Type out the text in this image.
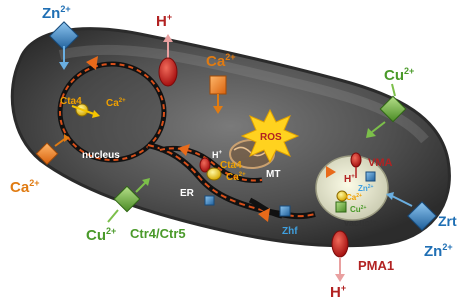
$Zn^{2+}$
H+
$Ca^{2+}$
$Cu^{2+}$
Cta4 $Ca^{2+}$
nucleus
$Ca^{2+}$
ROS
MT
H+
Cta4
$Ca^{2+}$
ER
Zhf
VMA
H+
$Ca^{2+}$
$Zn^{2+}$
$Cu^{2+}$
vacuole
$Cu^{2+}$ Ctr4/Ctr5
PMA1
H+
Zrt
$Zn^{2+}$
